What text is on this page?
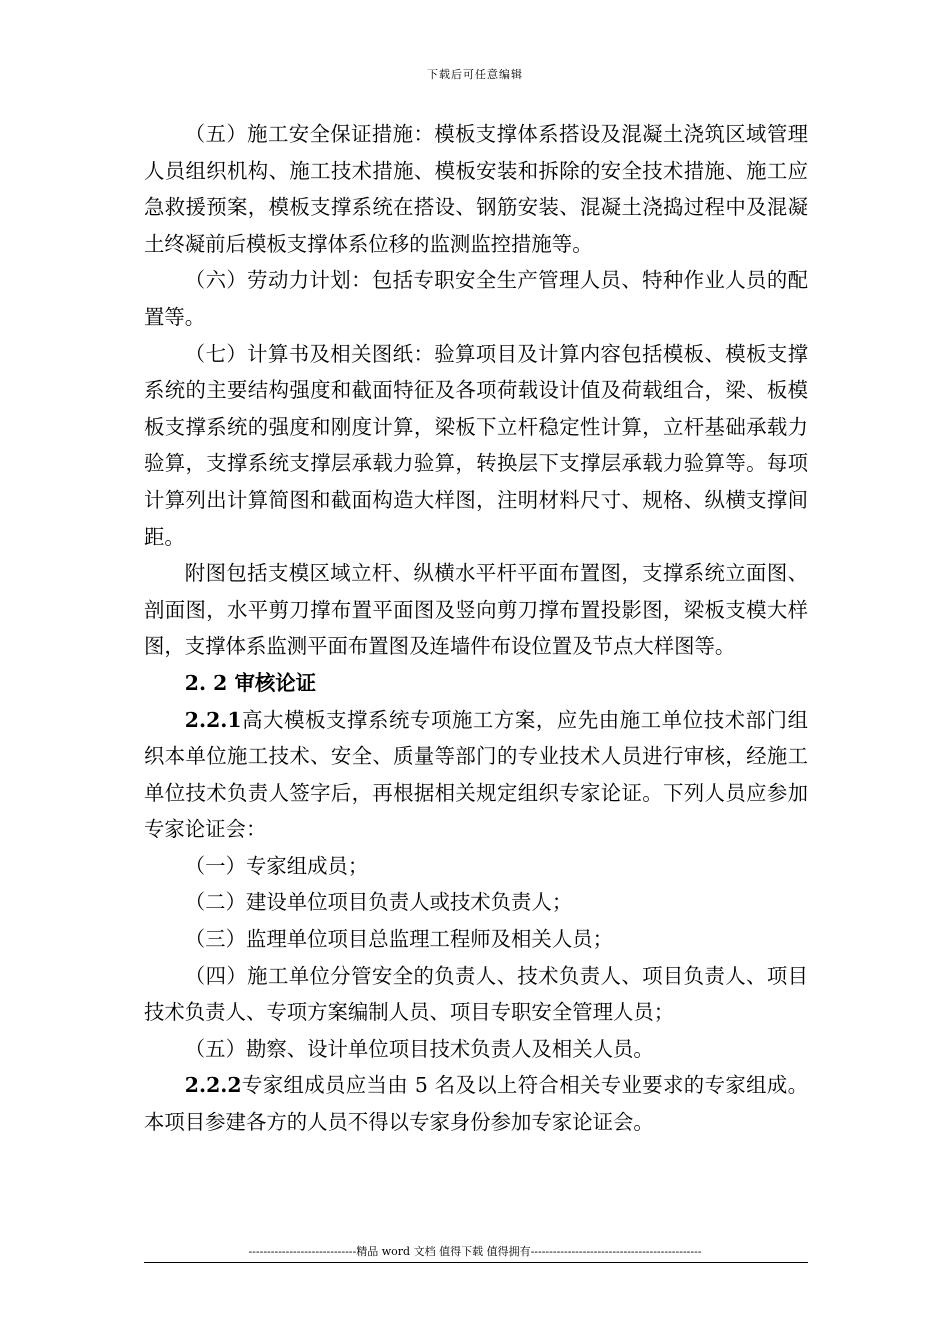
下载后可任意编辑

（五）施工安全保证措施：模板支撑体系搭设及混凝土浇筑区域管理人员组织机构、施工技术措施、模板安装和拆除的安全技术措施、施工应急救援预案，模板支撑系统在搭设、钢筋安装、混凝土浇捣过程中及混凝土终凝前后模板支撑体系位移的监测监控措施等。

（六）劳动力计划：包括专职安全生产管理人员、特种作业人员的配置等。

（七）计算书及相关图纸：验算项目及计算内容包括模板、模板支撑系统的主要结构强度和截面特征及各项荷载设计值及荷载组合，梁、板模板支撑系统的强度和刚度计算，梁板下立杆稳定性计算，立杆基础承载力验算，支撑系统支撑层承载力验算，转换层下支撑层承载力验算等。每项计算列出计算简图和截面构造大样图，注明材料尺寸、规格、纵横支撑间距。

附图包括支模区域立杆、纵横水平杆平面布置图，支撑系统立面图、剖面图，水平剪刀撑布置平面图及竖向剪刀撑布置投影图，梁板支模大样图，支撑体系监测平面布置图及连墙件布设位置及节点大样图等。

2. 2 审核论证

2.2.1高大模板支撑系统专项施工方案，应先由施工单位技术部门组织本单位施工技术、安全、质量等部门的专业技术人员进行审核，经施工单位技术负责人签字后，再根据相关规定组织专家论证。下列人员应参加专家论证会：

（一）专家组成员；

（二）建设单位项目负责人或技术负责人；

（三）监理单位项目总监理工程师及相关人员；

（四）施工单位分管安全的负责人、技术负责人、项目负责人、项目技术负责人、专项方案编制人员、项目专职安全管理人员；

（五）勘察、设计单位项目技术负责人及相关人员。

2.2.2专家组成员应当由 5 名及以上符合相关专业要求的专家组成。本项目参建各方的人员不得以专家身份参加专家论证会。

-----------------------------精品 word 文档 值得下载 值得拥有----------------------------------------------
